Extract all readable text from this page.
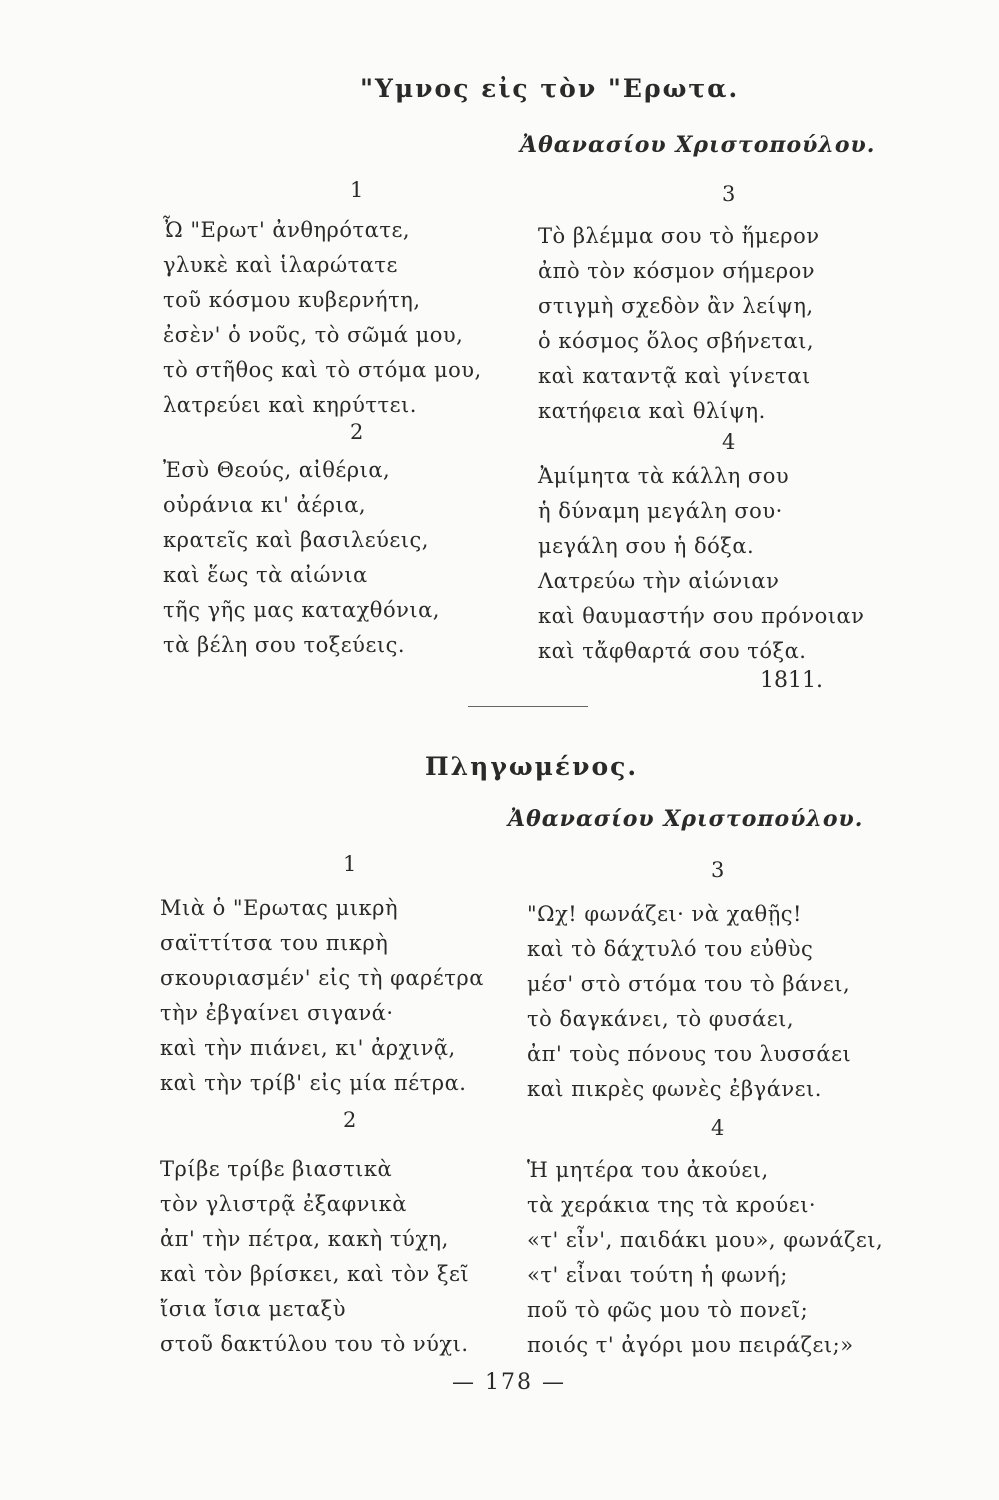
"Υμνος εἰς τὸν "Ερωτα.
Ἀθανασίου Χριστοπούλου.
1
Ὦ "Ερωτ' ἀνθηρότατε,
γλυκὲ καὶ ἱλαρώτατε
τοῦ κόσμου κυβερνήτη,
ἐσὲν' ὁ νοῦς, τὸ σῶμά μου,
τὸ στῆθος καὶ τὸ στόμα μου,
λατρεύει καὶ κηρύττει.
2
Ἐσὺ Θεούς, αἰθέρια,
οὐράνια κι' ἀέρια,
κρατεῖς καὶ βασιλεύεις,
καὶ ἕως τὰ αἰώνια
τῆς γῆς μας καταχθόνια,
τὰ βέλη σου τοξεύεις.
3
Τὸ βλέμμα σου τὸ ἥμερον
ἀπὸ τὸν κόσμον σήμερον
στιγμὴ σχεδὸν ἂν λείψη,
ὁ κόσμος ὅλος σβήνεται,
καὶ καταντᾷ καὶ γίνεται
κατήφεια καὶ θλίψη.
4
Ἀμίμητα τὰ κάλλη σου
ἡ δύναμη μεγάλη σου·
μεγάλη σου ἡ δόξα.
Λατρεύω τὴν αἰώνιαν
καὶ θαυμαστήν σου πρόνοιαν
καὶ τἄφθαρτά σου τόξα.
1811.
Πληγωμένος.
Ἀθανασίου Χριστοπούλου.
1
Μιὰ ὁ "Ερωτας μικρὴ
σαϊττίτσα του πικρὴ
σκουριασμέν' εἰς τὴ φαρέτρα
τὴν ἐβγαίνει σιγανά·
καὶ τὴν πιάνει, κι' ἀρχινᾷ,
καὶ τὴν τρίβ' εἰς μία πέτρα.
2
Τρίβε τρίβε βιαστικὰ
τὸν γλιστρᾷ ἐξαφνικὰ
ἀπ' τὴν πέτρα, κακὴ τύχη,
καὶ τὸν βρίσκει, καὶ τὸν ξεῖ
ἴσια ἴσια μεταξὺ
στοῦ δακτύλου του τὸ νύχι.
3
"Ωχ! φωνάζει· νὰ χαθῇς!
καὶ τὸ δάχτυλό του εὐθὺς
μέσ' στὸ στόμα του τὸ βάνει,
τὸ δαγκάνει, τὸ φυσάει,
ἀπ' τοὺς πόνους του λυσσάει
καὶ πικρὲς φωνὲς ἐβγάνει.
4
Ἡ μητέρα του ἀκούει,
τὰ χεράκια της τὰ κρούει·
«τ' εἶν', παιδάκι μου», φωνάζει,
«τ' εἶναι τούτη ἡ φωνή;
ποῦ τὸ φῶς μου τὸ πονεῖ;
ποιός τ' ἀγόρι μου πειράζει;»
— 178 —
